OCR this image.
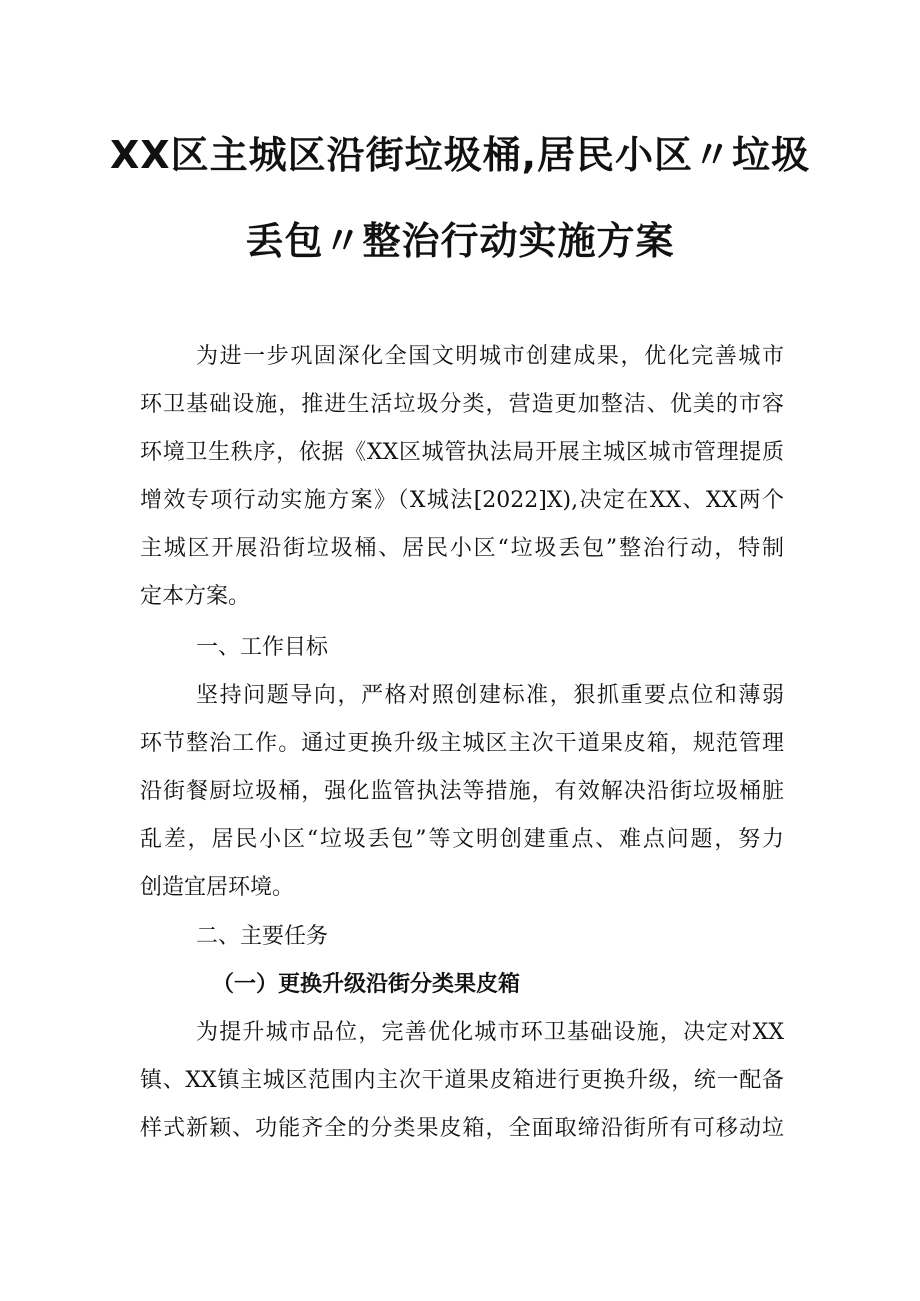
XX区主城区沿街垃圾桶,居民小区〃垃圾
丢包〃整治行动实施方案
为进一步巩固深化全国文明城市创建成果，优化完善城市
环卫基础设施，推进生活垃圾分类，营造更加整洁、优美的市容
环境卫生秩序，依据《XX区城管执法局开展主城区城市管理提质
增效专项行动实施方案》（X城法[2022]X),决定在XX、XX两个
主城区开展沿街垃圾桶、居民小区“垃圾丢包”整治行动，特制
定本方案。
一、工作目标
坚持问题导向，严格对照创建标准，狠抓重要点位和薄弱
环节整治工作。通过更换升级主城区主次干道果皮箱，规范管理
沿街餐厨垃圾桶，强化监管执法等措施，有效解决沿街垃圾桶脏
乱差，居民小区“垃圾丢包”等文明创建重点、难点问题，努力
创造宜居环境。
二、主要任务
（一）更换升级沿街分类果皮箱
为提升城市品位，完善优化城市环卫基础设施，决定对XX
镇、XX镇主城区范围内主次干道果皮箱进行更换升级，统一配备
样式新颖、功能齐全的分类果皮箱，全面取缔沿街所有可移动垃
